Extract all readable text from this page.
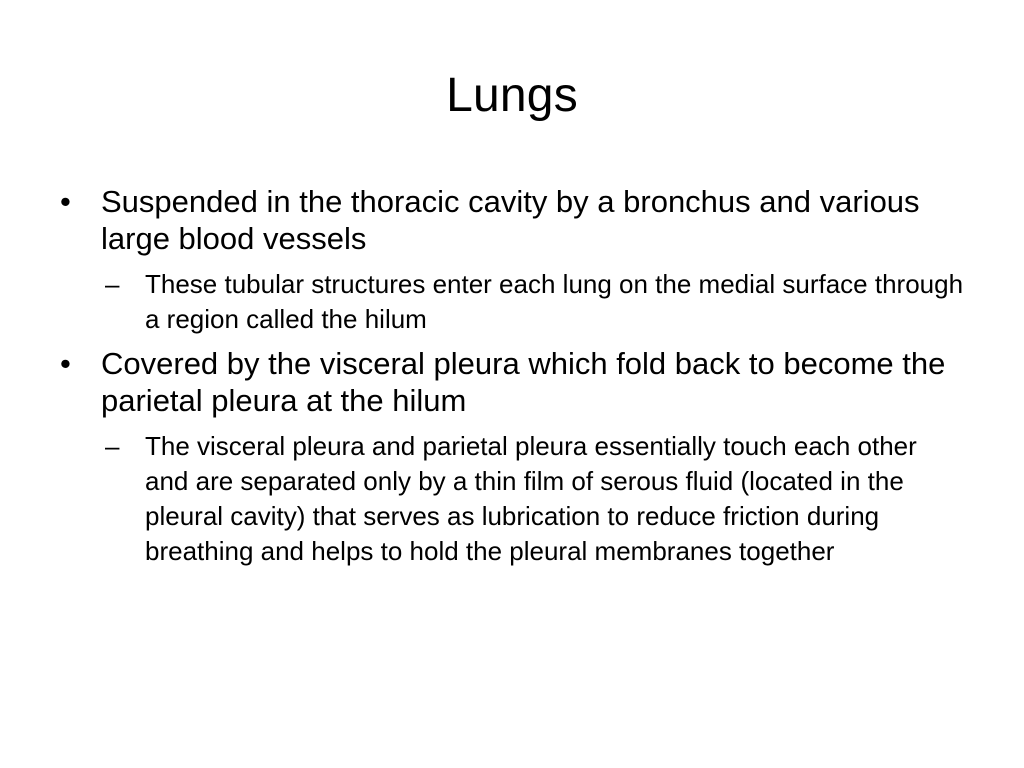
Lungs
• Suspended in the thoracic cavity by a bronchus and various large blood vessels
– These tubular structures enter each lung on the medial surface through a region called the hilum
• Covered by the visceral pleura which fold back to become the parietal pleura at the hilum
– The visceral pleura and parietal pleura essentially touch each other and are separated only by a thin film of serous fluid (located in the pleural cavity) that serves as lubrication to reduce friction during breathing and helps to hold the pleural membranes together
